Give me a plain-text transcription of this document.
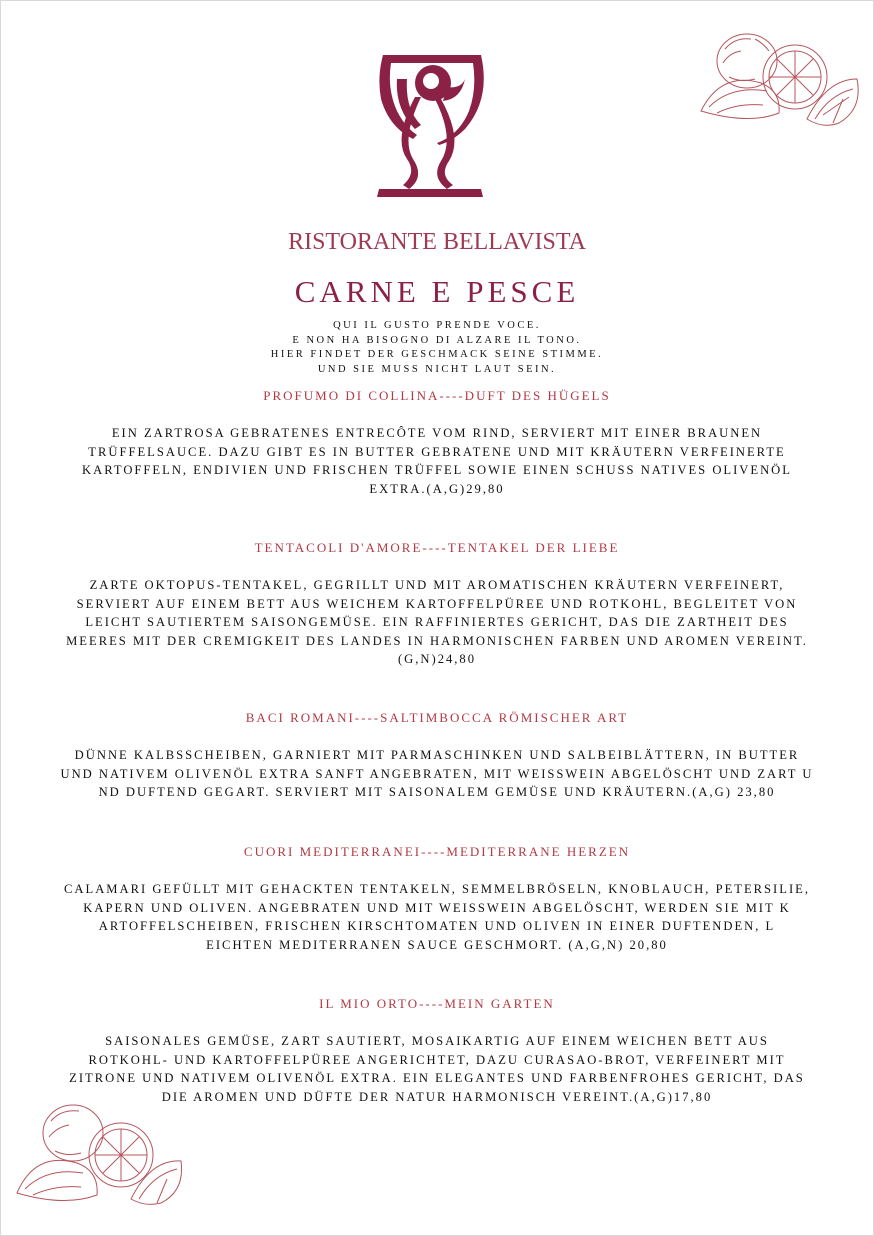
RISTORANTE BELLAVISTA
CARNE E PESCE
QUI IL GUSTO PRENDE VOCE.
E NON HA BISOGNO DI ALZARE IL TONO.
HIER FINDET DER GESCHMACK SEINE STIMME.
UND SIE MUSS NICHT LAUT SEIN.
PROFUMO DI COLLINA----DUFT DES HÜGELS
EIN ZARTROSA GEBRATENES ENTRECÔTE VOM RIND, SERVIERT MIT EINER BRAUNEN
TRÜFFELSAUCE. DAZU GIBT ES IN BUTTER GEBRATENE UND MIT KRÄUTERN VERFEINERTE
KARTOFFELN, ENDIVIEN UND FRISCHEN TRÜFFEL SOWIE EINEN SCHUSS NATIVES OLIVENÖL
EXTRA.(A,G)29,80
TENTACOLI D'AMORE----TENTAKEL DER LIEBE
ZARTE OKTOPUS-TENTAKEL, GEGRILLT UND MIT AROMATISCHEN KRÄUTERN VERFEINERT,
SERVIERT AUF EINEM BETT AUS WEICHEM KARTOFFELPÜREE UND ROTKOHL, BEGLEITET VON
LEICHT SAUTIERTEM SAISONGEMÜSE. EIN RAFFINIERTES GERICHT, DAS DIE ZARTHEIT DES
MEERES MIT DER CREMIGKEIT DES LANDES IN HARMONISCHEN FARBEN UND AROMEN VEREINT.
(G,N)24,80
BACI ROMANI----SALTIMBOCCA RÖMISCHER ART
DÜNNE KALBSSCHEIBEN, GARNIERT MIT PARMASCHINKEN UND SALBEIBLÄTTERN, IN BUTTER
UND NATIVEM OLIVENÖL EXTRA SANFT ANGEBRATEN, MIT WEISSWEIN ABGELÖSCHT UND ZART U
ND DUFTEND GEGART. SERVIERT MIT SAISONALEM GEMÜSE UND KRÄUTERN.(A,G) 23,80
CUORI MEDITERRANEI----MEDITERRANE HERZEN
CALAMARI GEFÜLLT MIT GEHACKTEN TENTAKELN, SEMMELBRÖSELN, KNOBLAUCH, PETERSILIE,
KAPERN UND OLIVEN. ANGEBRATEN UND MIT WEISSWEIN ABGELÖSCHT, WERDEN SIE MIT K
ARTOFFELSCHEIBEN, FRISCHEN KIRSCHTOMATEN UND OLIVEN IN EINER DUFTENDEN, L
EICHTEN MEDITERRANEN SAUCE GESCHMORT. (A,G,N) 20,80
IL MIO ORTO----MEIN GARTEN
SAISONALES GEMÜSE, ZART SAUTIERT, MOSAIKARTIG AUF EINEM WEICHEN BETT AUS
ROTKOHL- UND KARTOFFELPÜREE ANGERICHTET, DAZU CURASAO-BROT, VERFEINERT MIT
ZITRONE UND NATIVEM OLIVENÖL EXTRA. EIN ELEGANTES UND FARBENFROHES GERICHT, DAS
DIE AROMEN UND DÜFTE DER NATUR HARMONISCH VEREINT.(A,G)17,80
